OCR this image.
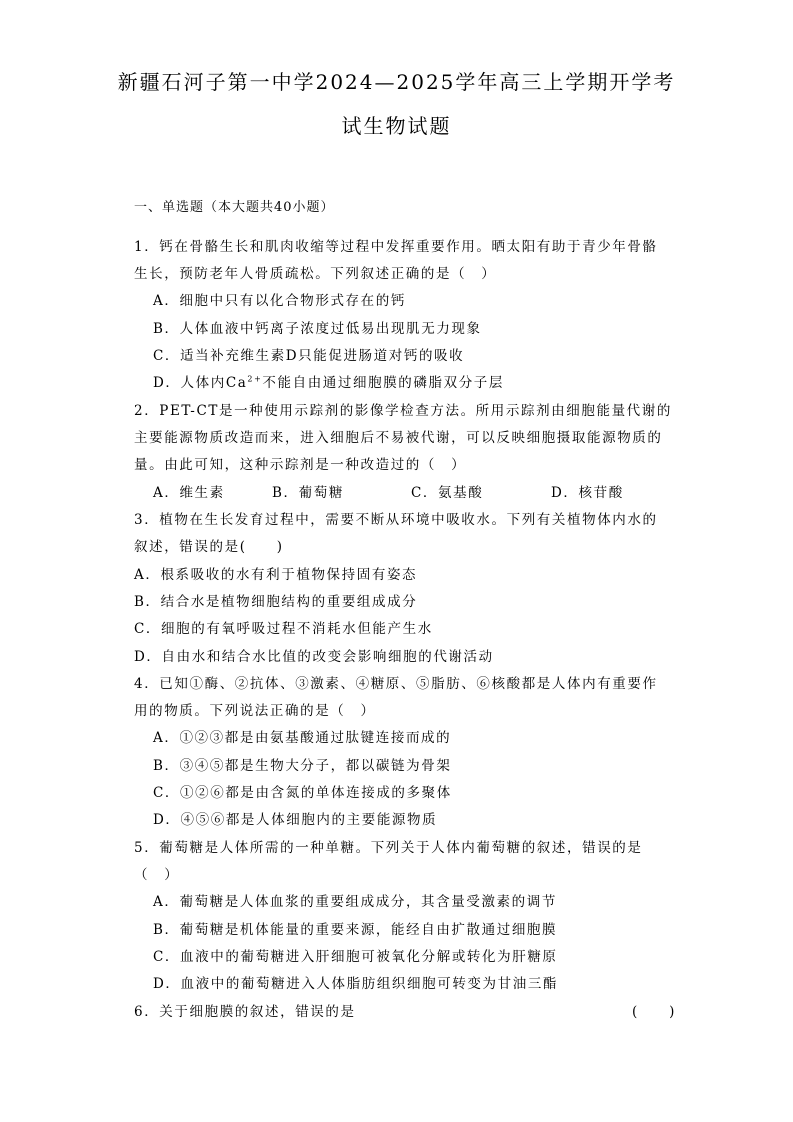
新疆石河子第一中学2024—2025学年高三上学期开学考
试生物试题
一、单选题（本大题共40小题）
1．钙在骨骼生长和肌肉收缩等过程中发挥重要作用。晒太阳有助于青少年骨骼
生长，预防老年人骨质疏松。下列叙述正确的是（　）
A．细胞中只有以化合物形式存在的钙
B．人体血液中钙离子浓度过低易出现肌无力现象
C．适当补充维生素D只能促进肠道对钙的吸收
D．人体内$Ca^{2+}$不能自由通过细胞膜的磷脂双分子层
2．PET-CT是一种使用示踪剂的影像学检查方法。所用示踪剂由细胞能量代谢的
主要能源物质改造而来，进入细胞后不易被代谢，可以反映细胞摄取能源物质的
量。由此可知，这种示踪剂是一种改造过的（　）
A．维生素	B．葡萄糖	C．氨基酸	D．核苷酸
3．植物在生长发育过程中，需要不断从环境中吸收水。下列有关植物体内水的
叙述，错误的是(　　)
A．根系吸收的水有利于植物保持固有姿态
B．结合水是植物细胞结构的重要组成成分
C．细胞的有氧呼吸过程不消耗水但能产生水
D．自由水和结合水比值的改变会影响细胞的代谢活动
4．已知①酶、②抗体、③激素、④糖原、⑤脂肪、⑥核酸都是人体内有重要作
用的物质。下列说法正确的是（　）
A．①②③都是由氨基酸通过肽键连接而成的
B．③④⑤都是生物大分子，都以碳链为骨架
C．①②⑥都是由含氮的单体连接成的多聚体
D．④⑤⑥都是人体细胞内的主要能源物质
5．葡萄糖是人体所需的一种单糖。下列关于人体内葡萄糖的叙述，错误的是
（　）
A．葡萄糖是人体血浆的重要组成成分，其含量受激素的调节
B．葡萄糖是机体能量的重要来源，能经自由扩散通过细胞膜
C．血液中的葡萄糖进入肝细胞可被氧化分解或转化为肝糖原
D．血液中的葡萄糖进入人体脂肪组织细胞可转变为甘油三酯
6．关于细胞膜的叙述，错误的是	(　　)
